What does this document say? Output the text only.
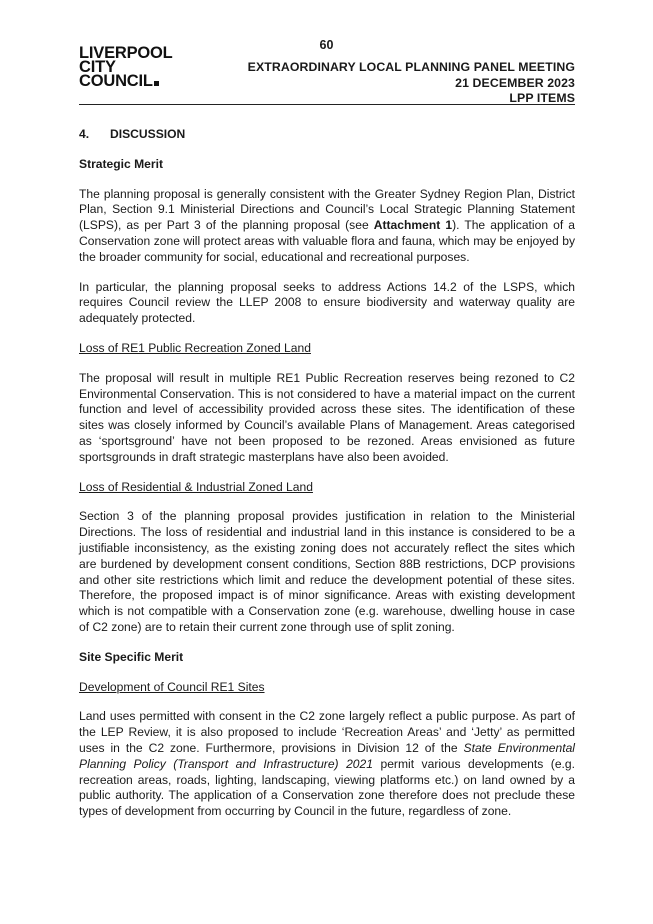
60
LIVERPOOL
CITY
COUNCIL
EXTRAORDINARY LOCAL PLANNING PANEL MEETING
21 DECEMBER 2023
LPP ITEMS
4. DISCUSSION
Strategic Merit

The planning proposal is generally consistent with the Greater Sydney Region Plan, District Plan, Section 9.1 Ministerial Directions and Council’s Local Strategic Planning Statement (LSPS), as per Part 3 of the planning proposal (see Attachment 1). The application of a Conservation zone will protect areas with valuable flora and fauna, which may be enjoyed by the broader community for social, educational and recreational purposes.

In particular, the planning proposal seeks to address Actions 14.2 of the LSPS, which requires Council review the LLEP 2008 to ensure biodiversity and waterway quality are adequately protected.

Loss of RE1 Public Recreation Zoned Land

The proposal will result in multiple RE1 Public Recreation reserves being rezoned to C2 Environmental Conservation. This is not considered to have a material impact on the current function and level of accessibility provided across these sites. The identification of these sites was closely informed by Council’s available Plans of Management. Areas categorised as ‘sportsground’ have not been proposed to be rezoned. Areas envisioned as future sportsgrounds in draft strategic masterplans have also been avoided.

Loss of Residential & Industrial Zoned Land

Section 3 of the planning proposal provides justification in relation to the Ministerial Directions. The loss of residential and industrial land in this instance is considered to be a justifiable inconsistency, as the existing zoning does not accurately reflect the sites which are burdened by development consent conditions, Section 88B restrictions, DCP provisions and other site restrictions which limit and reduce the development potential of these sites. Therefore, the proposed impact is of minor significance. Areas with existing development which is not compatible with a Conservation zone (e.g. warehouse, dwelling house in case of C2 zone) are to retain their current zone through use of split zoning.

Site Specific Merit
Development of Council RE1 Sites

Land uses permitted with consent in the C2 zone largely reflect a public purpose. As part of the LEP Review, it is also proposed to include ‘Recreation Areas’ and ‘Jetty’ as permitted uses in the C2 zone. Furthermore, provisions in Division 12 of the State Environmental Planning Policy (Transport and Infrastructure) 2021 permit various developments (e.g. recreation areas, roads, lighting, landscaping, viewing platforms etc.) on land owned by a public authority. The application of a Conservation zone therefore does not preclude these types of development from occurring by Council in the future, regardless of zone.
